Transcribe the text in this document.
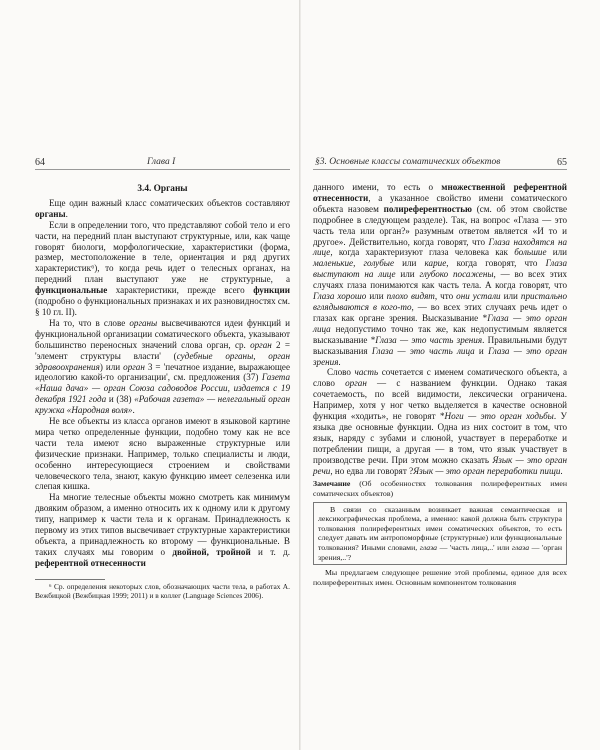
64	Глава I
3.4. Органы

Еще один важный класс соматических объектов составляют органы.

Если в определении того, что представляют собой тело и его части, на передний план выступают структурные, или, как чаще говорят биологи, морфологические, характеристики (форма, размер, местоположение в теле, ориентация и ряд других характеристик⁶), то когда речь идет о телесных органах, на передний план выступают уже не структурные, а функциональные характеристики, прежде всего функции (подробно о функциональных признаках и их разновидностях см. § 10 гл. II).

На то, что в слове органы высвечиваются идеи функций и функциональной организации соматического объекта, указывают большинство переносных значений слова орган, ср. орган 2 = 'элемент структуры власти' (судебные органы, орган здравоохранения) или орган 3 = 'печатное издание, выражающее идеологию какой-то организации', см. предложения (37) Газета «Наша дача» — орган Союза садоводов России, издается с 19 декабря 1921 года и (38) «Рабочая газета» — нелегальный орган кружка «Народная воля».

Не все объекты из класса органов имеют в языковой картине мира четко определенные функции, подобно тому как не все части тела имеют ясно выраженные структурные или физические признаки. Например, только специалисты и люди, особенно интересующиеся строением и свойствами человеческого тела, знают, какую функцию имеет селезенка или слепая кишка.

На многие телесные объекты можно смотреть как минимум двояким образом, а именно относить их к одному или к другому типу, например к части тела и к органам. Принадлежность к первому из этих типов высвечивает структурные характеристики объекта, а принадлежность ко второму — функциональные. В таких случаях мы говорим о двойной, тройной и т. д. референтной отнесенности

⁶ Ср. определения некоторых слов, обозначающих части тела, в работах А. Вежбицкой (Вежбицкая 1999; 2011) и в коллег (Language Sciences 2006).

§3. Основные классы соматических объектов	65

данного имени, то есть о множественной референтной отнесенности, а указанное свойство имени соматического объекта назовем полиреферентностью (см. об этом свойстве подробнее в следующем разделе). Так, на вопрос «Глаза — это часть тела или орган?» разумным ответом является «И то и другое». Действительно, когда говорят, что Глаза находятся на лице, когда характеризуют глаза человека как большие или маленькие, голубые или карие, когда говорят, что Глаза выступают на лице или глубоко посажены, — во всех этих случаях глаза понимаются как часть тела. А когда говорят, что Глаза хорошо или плохо видят, что они устали или пристально вглядываются в кого-то, — во всех этих случаях речь идет о глазах как органе зрения. Высказывание *Глаза — это орган лица недопустимо точно так же, как недопустимым является высказывание *Глаза — это часть зрения. Правильными будут высказывания Глаза — это часть лица и Глаза — это орган зрения.

Слово часть сочетается с именем соматического объекта, а слово орган — с названием функции. Однако такая сочетаемость, по всей видимости, лексически ограничена. Например, хотя у ног четко выделяется в качестве основной функция «ходить», не говорят *Ноги — это орган ходьбы. У языка две основные функции. Одна из них состоит в том, что язык, наряду с зубами и слюной, участвует в переработке и потреблении пищи, а другая — в том, что язык участвует в производстве речи. При этом можно сказать Язык — это орган речи, но едва ли говорят ?Язык — это орган переработки пищи.

Замечание (Об особенностях толкования полиреферентных имен соматических объектов)

В связи со сказанным возникает важная семантическая и лексикографическая проблема, а именно: какой должна быть структура толкования полиреферентных имен соматических объектов, то есть следует давать им антропоморфные (структурные) или функциональные толкования? Иными словами, глаза — 'часть лица,..' или глаза — 'орган зрения,..'?

Мы предлагаем следующее решение этой проблемы, единое для всех полиреферентных имен. Основным компонентом толкования
